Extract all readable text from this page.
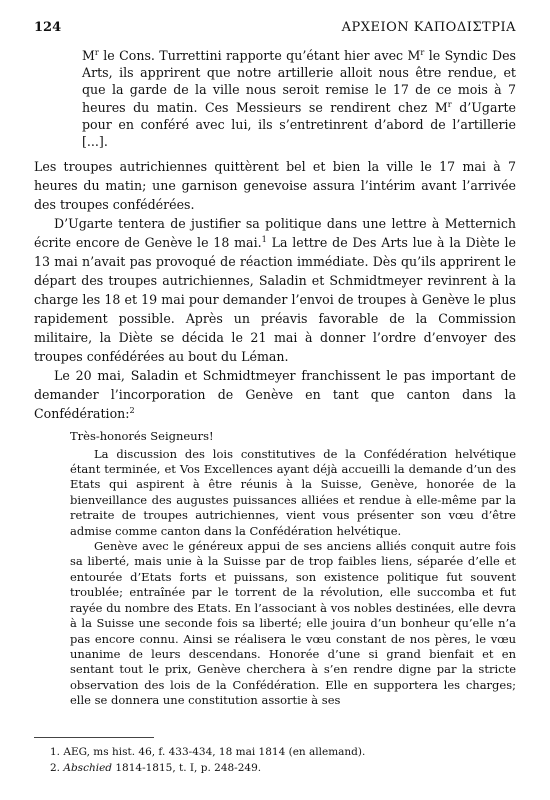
124	ΑΡΧΕΙΟΝ ΚΑΠΟΔΙΣΤΡΙΑ

$M^r$ le Cons. Turrettini rapporte qu’étant hier avec $M^r$ le Syndic Des Arts, ils apprirent que notre artillerie alloit nous être rendue, et que la garde de la ville nous seroit remise le 17 de ce mois à 7 heures du matin. Ces Messieurs se rendirent chez $M^r$ d’Ugarte pour en conféré avec lui, ils s’entretinrent d’abord de l’artillerie [...].

Les troupes autrichiennes quittèrent bel et bien la ville le 17 mai à 7 heures du matin; une garnison genevoise assura l’intérim avant l’arrivée des troupes confédérées.

D’Ugarte tentera de justifier sa politique dans une lettre à Metternich écrite encore de Genève le 18 mai.$^1$ La lettre de Des Arts lue à la Diète le 13 mai n’avait pas provoqué de réaction immédiate. Dès qu’ils apprirent le départ des troupes autrichiennes, Saladin et Schmidtmeyer revinrent à la charge les 18 et 19 mai pour demander l’envoi de troupes à Genève le plus rapidement possible. Après un préavis favorable de la Commission militaire, la Diète se décida le 21 mai à donner l’ordre d’envoyer des troupes confédérées au bout du Léman.

Le 20 mai, Saladin et Schmidtmeyer franchissent le pas important de demander l’incorporation de Genève en tant que canton dans la Confédération:$^2$

Très-honorés Seigneurs!

La discussion des lois constitutives de la Confédération helvétique étant terminée, et Vos Excellences ayant déjà accueilli la demande d’un des Etats qui aspirent à être réunis à la Suisse, Genève, honorée de la bienveillance des augustes puissances alliées et rendue à elle-même par la retraite de troupes autrichiennes, vient vous présenter son vœu d’être admise comme canton dans la Confédération helvétique.

Genève avec le généreux appui de ses anciens alliés conquit autre fois sa liberté, mais unie à la Suisse par de trop faibles liens, séparée d’elle et entourée d’Etats forts et puissans, son existence politique fut souvent troublée; entraînée par le torrent de la révolution, elle succomba et fut rayée du nombre des Etats. En l’associant à vos nobles destinées, elle devra à la Suisse une seconde fois sa liberté; elle jouira d’un bonheur qu’elle n’a pas encore connu. Ainsi se réalisera le vœu constant de nos pères, le vœu unanime de leurs descendans. Honorée d’une si grand bienfait et en sentant tout le prix, Genève cherchera à s’en rendre digne par la stricte observation des lois de la Confédération. Elle en supportera les charges; elle se donnera une constitution assortie à ses

1. AEG, ms hist. 46, f. 433-434, 18 mai 1814 (en allemand).
2. Abschied 1814-1815, t. I, p. 248-249.
